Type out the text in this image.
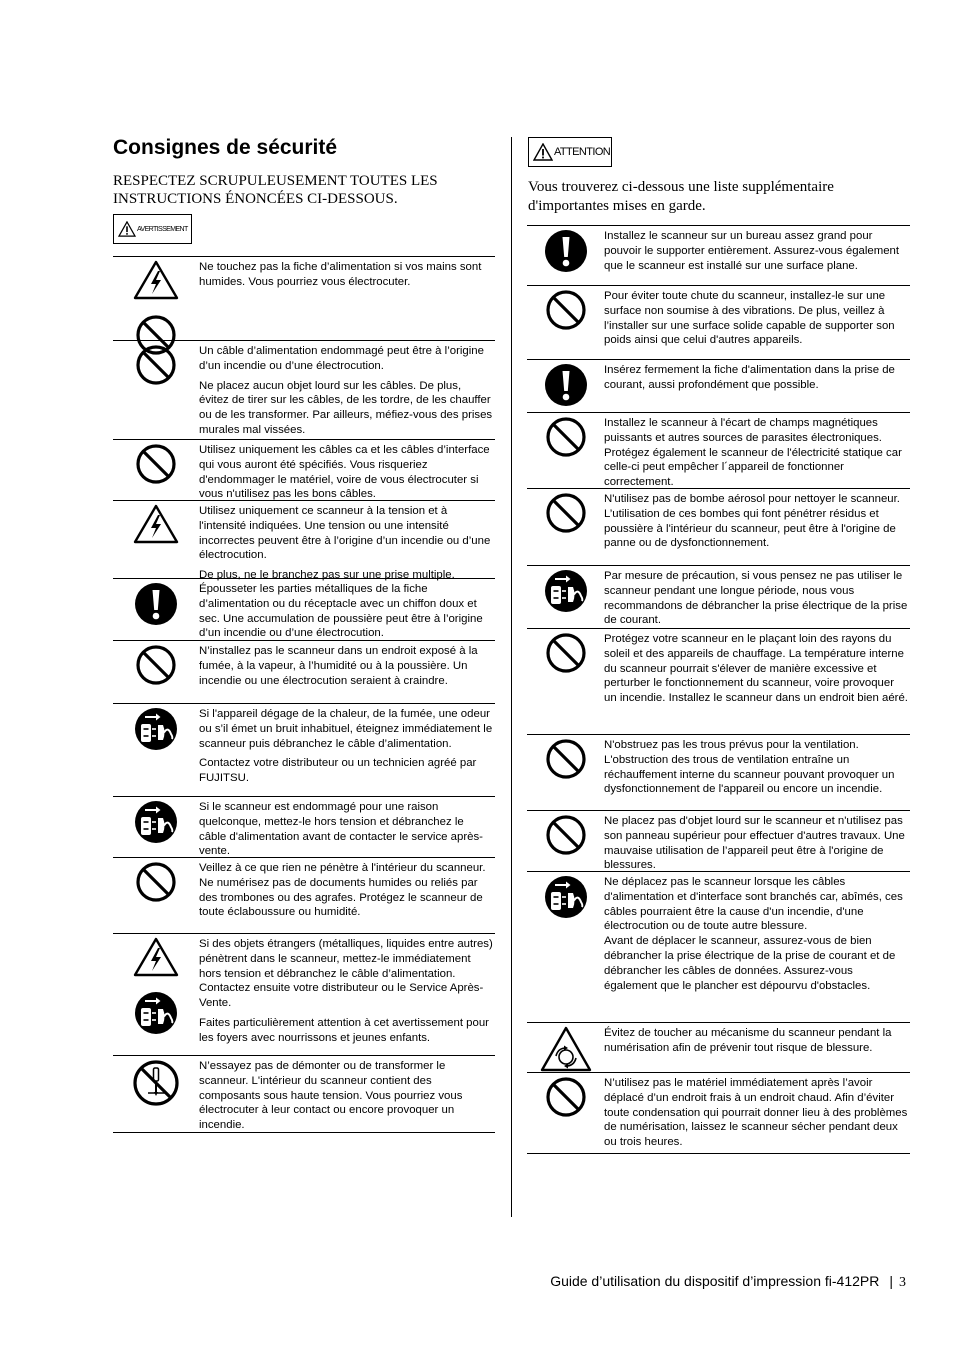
Consignes de sécurité
RESPECTEZ SCRUPULEUSEMENT TOUTES LES INSTRUCTIONS ÉNONCÉES CI-DESSOUS.
AVERTISSEMENT
ATTENTION
Vous trouverez ci-dessous une liste supplémentaire d'importantes mises en garde.

Ne touchez pas la fiche d’alimentation si vos mains sont humides. Vous pourriez vous électrocuter.

Un câble d’alimentation endommagé peut être à l’origine d’un incendie ou d’une électrocution.

Ne placez aucun objet lourd sur les câbles. De plus, évitez de tirer sur les câbles, de les tordre, de les chauffer ou de les transformer. Par ailleurs, méfiez-vous des prises murales mal vissées.

Utilisez uniquement les câbles ca et les câbles d’interface qui vous auront été spécifiés. Vous risqueriez d'endommager le matériel, voire de vous électrocuter si vous n'utilisez pas les bons câbles.

Utilisez uniquement ce scanneur à la tension et à l'intensité indiquées. Une tension ou une intensité incorrectes peuvent être à l’origine d’un incendie ou d’une électrocution.

De plus, ne le branchez pas sur une prise multiple.

Épousseter les parties métalliques de la fiche d’alimentation ou du réceptacle avec un chiffon doux et sec. Une accumulation de poussière peut être à l’origine d’un incendie ou d’une électrocution.

N’installez pas le scanneur dans un endroit exposé à la fumée, à la vapeur, à l’humidité ou à la poussière. Un incendie ou une électrocution seraient à craindre.

Si l'appareil dégage de la chaleur, de la fumée, une odeur ou s’il émet un bruit inhabituel, éteignez immédiatement le scanneur puis débranchez le câble d’alimentation.

Contactez votre distributeur ou un technicien agréé par FUJITSU.

Si le scanneur est endommagé pour une raison quelconque, mettez-le hors tension et débranchez le câble d'alimentation avant de contacter le service après-vente.

Veillez à ce que rien ne pénètre à l'intérieur du scanneur. Ne numérisez pas de documents humides ou reliés par des trombones ou des agrafes. Protégez le scanneur de toute éclaboussure ou humidité.

Si des objets étrangers (métalliques, liquides entre autres) pénètrent dans le scanneur, mettez-le immédiatement hors tension et débranchez le câble d’alimentation. Contactez ensuite votre distributeur ou le Service Après-Vente.

Faites particulièrement attention à cet avertissement pour les foyers avec nourrissons et jeunes enfants.

N’essayez pas de démonter ou de transformer le scanneur. L'intérieur du scanneur contient des composants sous haute tension. Vous pourriez vous électrocuter à leur contact ou encore provoquer un incendie.

Installez le scanneur sur un bureau assez grand pour pouvoir le supporter entièrement. Assurez-vous également que le scanneur est installé sur une surface plane.

Pour éviter toute chute du scanneur, installez-le sur une surface non soumise à des vibrations. De plus, veillez à l’installer sur une surface solide capable de supporter son poids ainsi que celui d'autres appareils.

Insérez fermement la fiche d'alimentation dans la prise de courant, aussi profondément que possible.

Installez le scanneur à l'écart de champs magnétiques puissants et autres sources de parasites électroniques. Protégez également le scanneur de l'électricité statique car celle-ci peut empêcher l´appareil de fonctionner correctement.

N'utilisez pas de bombe aérosol pour nettoyer le scanneur. L’utilisation de ces bombes qui font pénétrer résidus et poussière à l'intérieur du scanneur, peut être à l'origine de panne ou de dysfonctionnement.

Par mesure de précaution, si vous pensez ne pas utiliser le scanneur pendant une longue période, nous vous recommandons de débrancher la prise électrique de la prise de courant.

Protégez votre scanneur en le plaçant loin des rayons du soleil et des appareils de chauffage. La température interne du scanneur pourrait s'élever de manière excessive et perturber le fonctionnement du scanneur, voire provoquer un incendie. Installez le scanneur dans un endroit bien aéré.

N'obstruez pas les trous prévus pour la ventilation. L'obstruction des trous de ventilation entraîne un réchauffement interne du scanneur pouvant provoquer un dysfonctionnement de l'appareil ou encore un incendie.

Ne placez pas d'objet lourd sur le scanneur et n'utilisez pas son panneau supérieur pour effectuer d'autres travaux. Une mauvaise utilisation de l’appareil peut être à l'origine de blessures.

Ne déplacez pas le scanneur lorsque les câbles d'alimentation et d'interface sont branchés car, abîmés, ces câbles pourraient être la cause d'un incendie, d'une électrocution ou de toute autre blessure.

Avant de déplacer le scanneur, assurez-vous de bien débrancher la prise électrique de la prise de courant et de débrancher les câbles de données. Assurez-vous également que le plancher est dépourvu d'obstacles.

Évitez de toucher au mécanisme du scanneur pendant la numérisation afin de prévenir tout risque de blessure.

N’utilisez pas le matériel immédiatement après l’avoir déplacé d’un endroit frais à un endroit chaud. Afin d’éviter toute condensation qui pourrait donner lieu à des problèmes de numérisation, laissez le scanneur sécher pendant deux ou trois heures.

Guide d’utilisation du dispositif d’impression fi-412PR | 3
